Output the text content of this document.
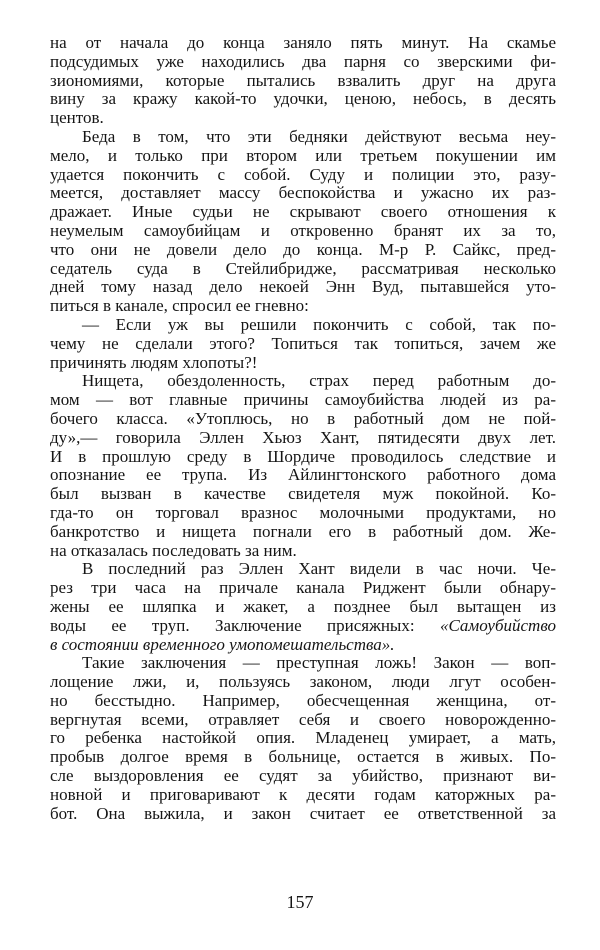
на от начала до конца заняло пять минут. На скамье
подсудимых уже находились два парня со зверскими фи-
зиономиями, которые пытались взвалить друг на друга
вину за кражу какой-то удочки, ценою, небось, в десять
центов.
Беда в том, что эти бедняки действуют весьма неу-
мело, и только при втором или третьем покушении им
удается покончить с собой. Суду и полиции это, разу-
меется, доставляет массу беспокойства и ужасно их раз-
дражает. Иные судьи не скрывают своего отношения к
неумелым самоубийцам и откровенно бранят их за то,
что они не довели дело до конца. М-р Р. Сайкс, пред-
седатель суда в Стейлибридже, рассматривая несколько
дней тому назад дело некоей Энн Вуд, пытавшейся уто-
питься в канале, спросил ее гневно:
— Если уж вы решили покончить с собой, так по-
чему не сделали этого? Топиться так топиться, зачем же
причинять людям хлопоты?!
Нищета, обездоленность, страх перед работным до-
мом — вот главные причины самоубийства людей из ра-
бочего класса. «Утоплюсь, но в работный дом не пой-
ду»,— говорила Эллен Хьюз Хант, пятидесяти двух лет.
И в прошлую среду в Шордиче проводилось следствие и
опознание ее трупа. Из Айлингтонского работного дома
был вызван в качестве свидетеля муж покойной. Ко-
гда-то он торговал вразнос молочными продуктами, но
банкротство и нищета погнали его в работный дом. Же-
на отказалась последовать за ним.
В последний раз Эллен Хант видели в час ночи. Че-
рез три часа на причале канала Риджент были обнару-
жены ее шляпка и жакет, а позднее был вытащен из
воды ее труп. Заключение присяжных: «Самоубийство
в состоянии временного умопомешательства».
Такие заключения — преступная ложь! Закон — воп-
лощение лжи, и, пользуясь законом, люди лгут особен-
но бесстыдно. Например, обесчещенная женщина, от-
вергнутая всеми, отравляет себя и своего новорожденно-
го ребенка настойкой опия. Младенец умирает, а мать,
пробыв долгое время в больнице, остается в живых. По-
сле выздоровления ее судят за убийство, признают ви-
новной и приговаривают к десяти годам каторжных ра-
бот. Она выжила, и закон считает ее ответственной за
157
